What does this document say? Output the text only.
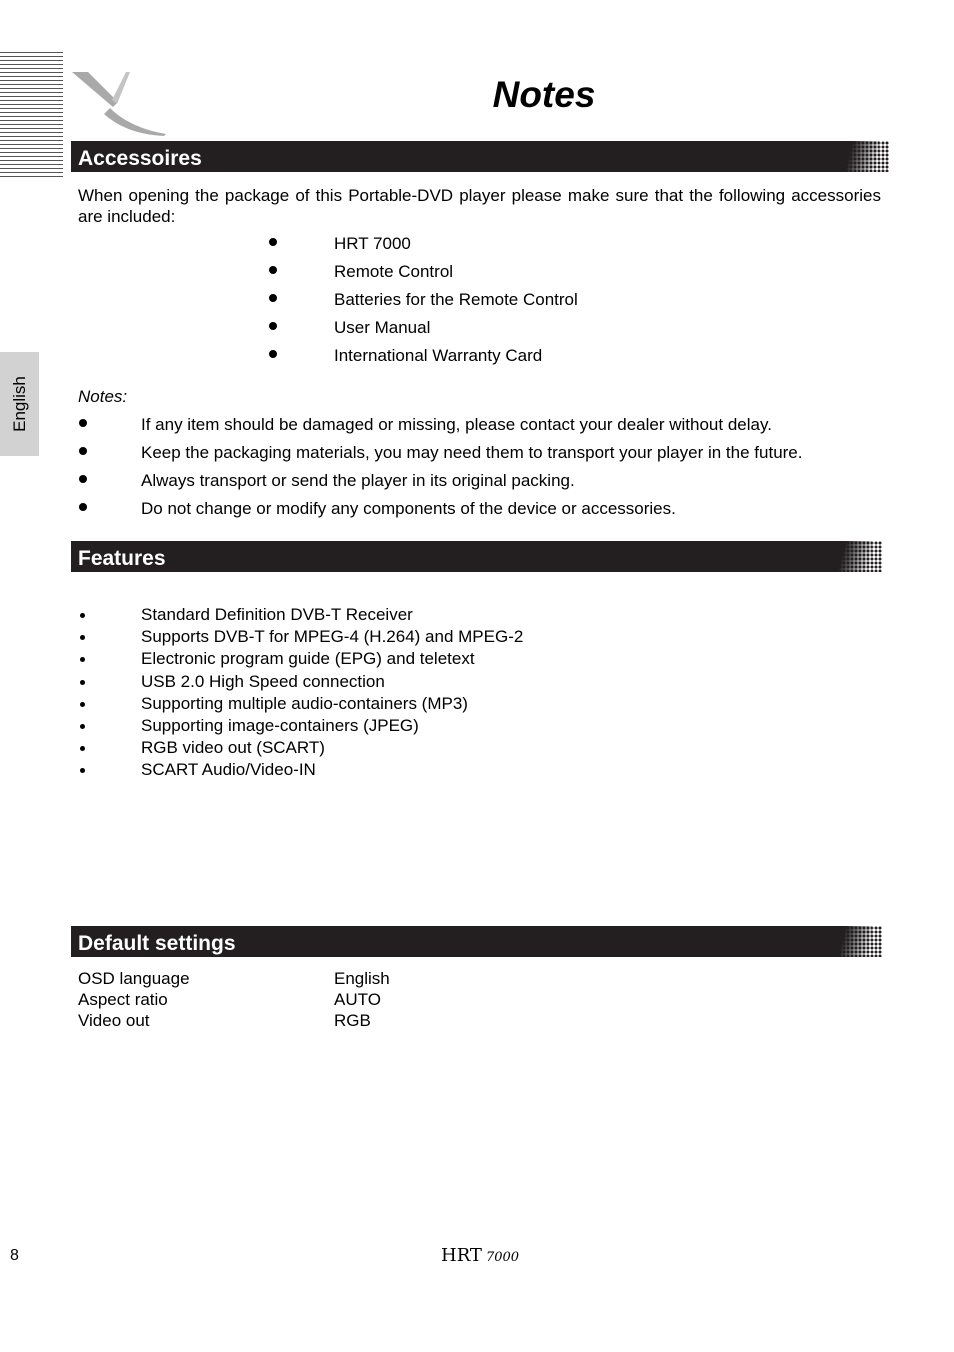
Notes
English
Accessoires

When opening the package of this Portable-DVD player please make sure that the following accessories are included:

HRT 7000
Remote Control
Batteries for the Remote Control
User Manual
International Warranty Card
Notes:
If any item should be damaged or missing, please contact your dealer without delay.
Keep the packaging materials, you may need them to transport your player in the future.
Always transport or send the player in its original packing.
Do not change or modify any components of the device or accessories.
Features
Standard Definition DVB-T Receiver
Supports DVB-T for MPEG-4 (H.264) and MPEG-2
Electronic program guide (EPG) and teletext
USB 2.0 High Speed connection
Supporting multiple audio-containers (MP3)
Supporting image-containers (JPEG)
RGB video out (SCART)
SCART Audio/Video-IN
Default settings
OSD language	English
Aspect ratio	AUTO
Video out	RGB
8	HRT 7000
